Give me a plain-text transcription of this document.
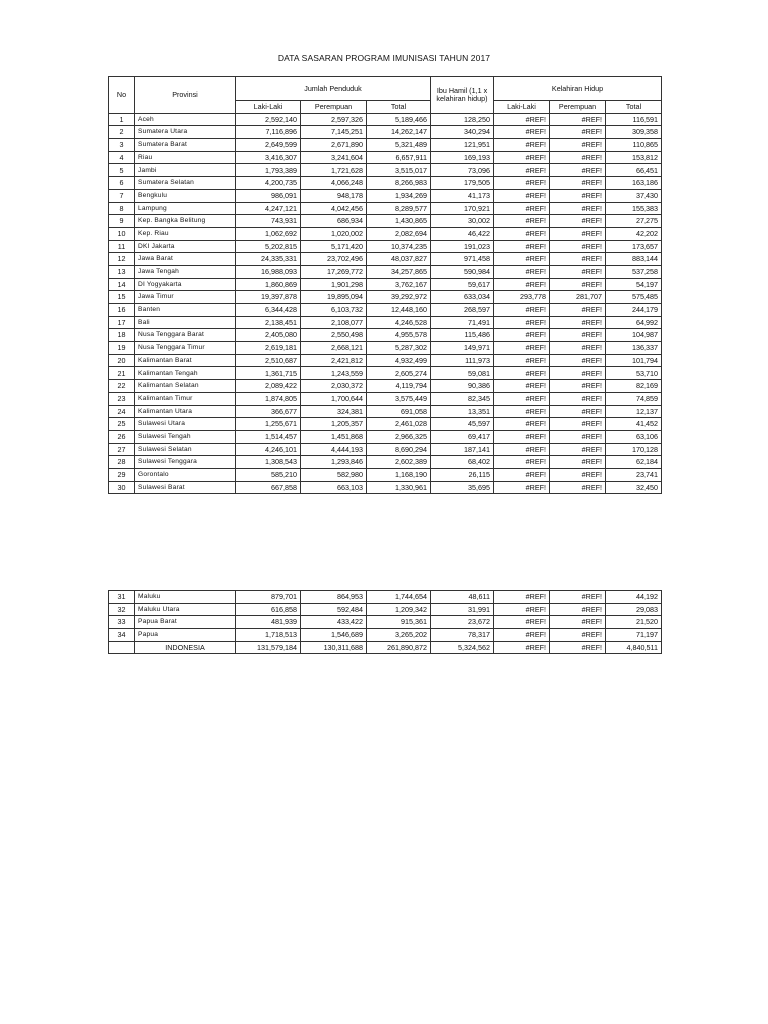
DATA SASARAN PROGRAM IMUNISASI TAHUN 2017
No	Provinsi	Jumlah Penduduk			Ibu Hamil (1,1 x kelahiran hidup)	Kelahiran Hidup		
		Laki-Laki	Perempuan	Total		Laki-Laki	Perempuan	Total
1	Aceh	2,592,140	2,597,326	5,189,466	128,250	#REF!	#REF!	116,591
2	Sumatera Utara	7,116,896	7,145,251	14,262,147	340,294	#REF!	#REF!	309,358
3	Sumatera Barat	2,649,599	2,671,890	5,321,489	121,951	#REF!	#REF!	110,865
4	Riau	3,416,307	3,241,604	6,657,911	169,193	#REF!	#REF!	153,812
5	Jambi	1,793,389	1,721,628	3,515,017	73,096	#REF!	#REF!	66,451
6	Sumatera Selatan	4,200,735	4,066,248	8,266,983	179,505	#REF!	#REF!	163,186
7	Bengkulu	986,091	948,178	1,934,269	41,173	#REF!	#REF!	37,430
8	Lampung	4,247,121	4,042,456	8,289,577	170,921	#REF!	#REF!	155,383
9	Kep. Bangka Belitung	743,931	686,934	1,430,865	30,002	#REF!	#REF!	27,275
10	Kep. Riau	1,062,692	1,020,002	2,082,694	46,422	#REF!	#REF!	42,202
11	DKI Jakarta	5,202,815	5,171,420	10,374,235	191,023	#REF!	#REF!	173,657
12	Jawa Barat	24,335,331	23,702,496	48,037,827	971,458	#REF!	#REF!	883,144
13	Jawa Tengah	16,988,093	17,269,772	34,257,865	590,984	#REF!	#REF!	537,258
14	DI Yogyakarta	1,860,869	1,901,298	3,762,167	59,617	#REF!	#REF!	54,197
15	Jawa Timur	19,397,878	19,895,094	39,292,972	633,034	293,778	281,707	575,485
16	Banten	6,344,428	6,103,732	12,448,160	268,597	#REF!	#REF!	244,179
17	Bali	2,138,451	2,108,077	4,246,528	71,491	#REF!	#REF!	64,992
18	Nusa Tenggara Barat	2,405,080	2,550,498	4,955,578	115,486	#REF!	#REF!	104,987
19	Nusa Tenggara Timur	2,619,181	2,668,121	5,287,302	149,971	#REF!	#REF!	136,337
20	Kalimantan Barat	2,510,687	2,421,812	4,932,499	111,973	#REF!	#REF!	101,794
21	Kalimantan Tengah	1,361,715	1,243,559	2,605,274	59,081	#REF!	#REF!	53,710
22	Kalimantan Selatan	2,089,422	2,030,372	4,119,794	90,386	#REF!	#REF!	82,169
23	Kalimantan Timur	1,874,805	1,700,644	3,575,449	82,345	#REF!	#REF!	74,859
24	Kalimantan Utara	366,677	324,381	691,058	13,351	#REF!	#REF!	12,137
25	Sulawesi Utara	1,255,671	1,205,357	2,461,028	45,597	#REF!	#REF!	41,452
26	Sulawesi Tengah	1,514,457	1,451,868	2,966,325	69,417	#REF!	#REF!	63,106
27	Sulawesi Selatan	4,246,101	4,444,193	8,690,294	187,141	#REF!	#REF!	170,128
28	Sulawesi Tenggara	1,308,543	1,293,846	2,602,389	68,402	#REF!	#REF!	62,184
29	Gorontalo	585,210	582,980	1,168,190	26,115	#REF!	#REF!	23,741
30	Sulawesi Barat	667,858	663,103	1,330,961	35,695	#REF!	#REF!	32,450
31	Maluku	879,701	864,953	1,744,654	48,611	#REF!	#REF!	44,192
32	Maluku Utara	616,858	592,484	1,209,342	31,991	#REF!	#REF!	29,083
33	Papua Barat	481,939	433,422	915,361	23,672	#REF!	#REF!	21,520
34	Papua	1,718,513	1,546,689	3,265,202	78,317	#REF!	#REF!	71,197
	INDONESIA	131,579,184	130,311,688	261,890,872	5,324,562	#REF!	#REF!	4,840,511
